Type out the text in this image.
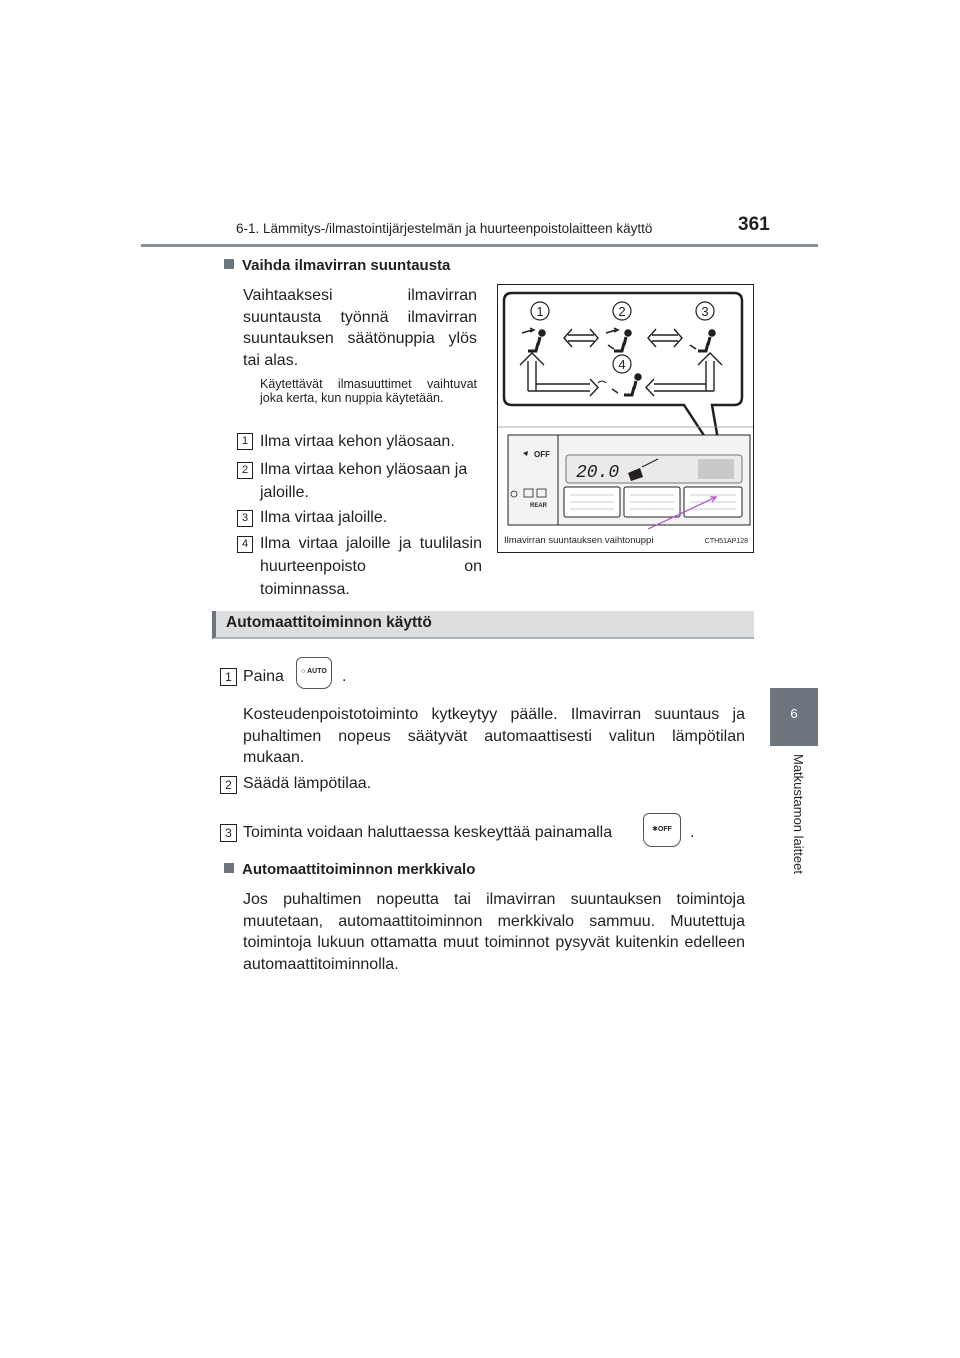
6-1. Lämmitys-/ilmastointijärjestelmän ja huurteenpoistolaitteen käyttö	361
6
Matkustamon laitteet
Vaihda ilmavirran suuntausta
Vaihtaaksesi ilmavirran suuntausta työnnä ilmavirran suuntauksen säätönuppia ylös tai alas.
Käytettävät ilmasuuttimet vaihtuvat joka kerta, kun nuppia käytetään.
1 Ilma virtaa kehon yläosaan.
2 Ilma virtaa kehon yläosaan ja jaloille.
3 Ilma virtaa jaloille.
4 Ilma virtaa jaloille ja tuulilasin huurteenpoisto on toiminnassa.
1	2	3
4
20.0
OFF
REAR
Ilmavirran suuntauksen vaihtonuppi	CTH51AP128
Automaattitoiminnon käyttö
1 Paina	○ AUTO .
Kosteudenpoistotoiminto kytkeytyy päälle. Ilmavirran suuntaus ja puhaltimen nopeus säätyvät automaattisesti valitun lämpötilan mukaan.
2 Säädä lämpötilaa.
3 Toiminta voidaan haluttaessa keskeyttää painamalla	✱OFF	.
Automaattitoiminnon merkkivalo
Jos puhaltimen nopeutta tai ilmavirran suuntauksen toimintoja muutetaan, automaattitoiminnon merkkivalo sammuu. Muutettuja toimintoja lukuun ottamatta muut toiminnot pysyvät kuitenkin edelleen automaattitoiminnolla.
